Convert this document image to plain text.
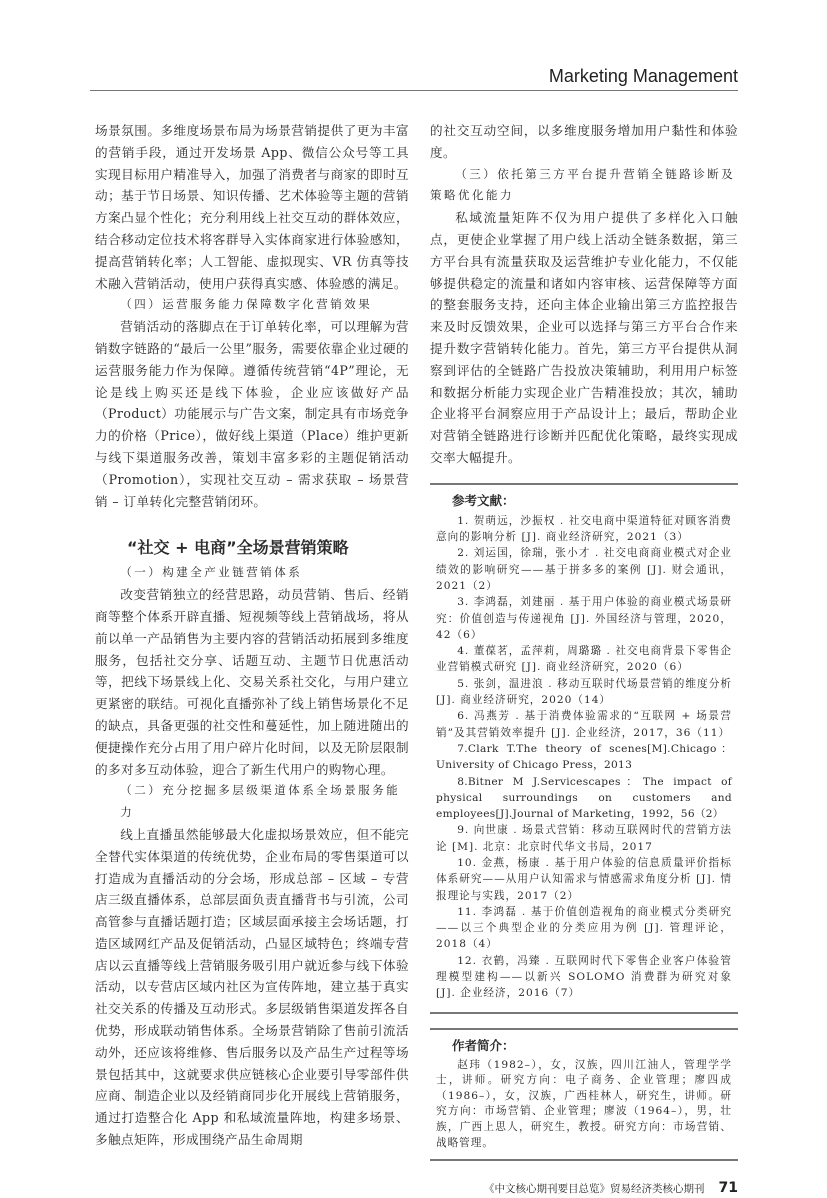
Marketing Management

场景氛围。多维度场景布局为场景营销提供了更为丰富的营销手段，通过开发场景 App、微信公众号等工具实现目标用户精准导入，加强了消费者与商家的即时互动；基于节日场景、知识传播、艺术体验等主题的营销方案凸显个性化；充分利用线上社交互动的群体效应，结合移动定位技术将客群导入实体商家进行体验感知，提高营销转化率；人工智能、虚拟现实、VR 仿真等技术融入营销活动，使用户获得真实感、体验感的满足。

（四）运营服务能力保障数字化营销效果

营销活动的落脚点在于订单转化率，可以理解为营销数字链路的“最后一公里”服务，需要依靠企业过硬的运营服务能力作为保障。遵循传统营销“4P”理论，无论是线上购买还是线下体验，企业应该做好产品（Product）功能展示与广告文案，制定具有市场竞争力的价格（Price），做好线上渠道（Place）维护更新与线下渠道服务改善，策划丰富多彩的主题促销活动（Promotion），实现社交互动 – 需求获取 – 场景营销 – 订单转化完整营销闭环。

“社交 + 电商”全场景营销策略
（一）构建全产业链营销体系

改变营销独立的经营思路，动员营销、售后、经销商等整个体系开辟直播、短视频等线上营销战场，将从前以单一产品销售为主要内容的营销活动拓展到多维度服务，包括社交分享、话题互动、主题节日优惠活动等，把线下场景线上化、交易关系社交化，与用户建立更紧密的联结。可视化直播弥补了线上销售场景化不足的缺点，具备更强的社交性和蔓延性，加上随进随出的便捷操作充分占用了用户碎片化时间，以及无阶层限制的多对多互动体验，迎合了新生代用户的购物心理。

（二）充分挖掘多层级渠道体系全场景服务能力

线上直播虽然能够最大化虚拟场景效应，但不能完全替代实体渠道的传统优势，企业布局的零售渠道可以打造成为直播活动的分会场，形成总部 – 区域 – 专营店三级直播体系，总部层面负责直播背书与引流，公司高管参与直播话题打造；区域层面承接主会场话题，打造区域网红产品及促销活动，凸显区域特色；终端专营店以云直播等线上营销服务吸引用户就近参与线下体验活动，以专营店区域内社区为宣传阵地，建立基于真实社交关系的传播及互动形式。多层级销售渠道发挥各自优势，形成联动销售体系。全场景营销除了售前引流活动外，还应该将维修、售后服务以及产品生产过程等场景包括其中，这就要求供应链核心企业要引导零部件供应商、制造企业以及经销商同步化开展线上营销服务，通过打造整合化 App 和私域流量阵地，构建多场景、多触点矩阵，形成围绕产品生命周期

的社交互动空间，以多维度服务增加用户黏性和体验度。

（三）依托第三方平台提升营销全链路诊断及策略优化能力

私域流量矩阵不仅为用户提供了多样化入口触点，更使企业掌握了用户线上活动全链条数据，第三方平台具有流量获取及运营维护专业化能力，不仅能够提供稳定的流量和诸如内容审核、运营保障等方面的整套服务支持，还向主体企业输出第三方监控报告来及时反馈效果，企业可以选择与第三方平台合作来提升数字营销转化能力。首先，第三方平台提供从洞察到评估的全链路广告投放决策辅助，利用用户标签和数据分析能力实现企业广告精准投放；其次，辅助企业将平台洞察应用于产品设计上；最后，帮助企业对营销全链路进行诊断并匹配优化策略，最终实现成交率大幅提升。

参考文献：

1. 贺萌远，沙振权 . 社交电商中渠道特征对顾客消费意向的影响分析 [J]. 商业经济研究，2021（3）

2. 刘运国，徐瑞，张小才 . 社交电商商业模式对企业绩效的影响研究——基于拼多多的案例 [J]. 财会通讯，2021（2）

3. 李鸿磊，刘建丽 . 基于用户体验的商业模式场景研究：价值创造与传递视角 [J]. 外国经济与管理，2020，42（6）

4. 董葆茗，孟萍莉，周璐璐 . 社交电商背景下零售企业营销模式研究 [J]. 商业经济研究，2020（6）

5. 张剑，温进浪 . 移动互联时代场景营销的维度分析 [J]. 商业经济研究，2020（14）

6. 冯燕芳 . 基于消费体验需求的“互联网 + 场景营销”及其营销效率提升 [J]. 企业经济，2017，36（11）

7.Clark T.The theory of scenes[M].Chicago：University of Chicago Press，2013

8.Bitner M J.Servicescapes：The impact of physical surroundings on customers and employees[J].Journal of Marketing，1992，56（2）

9. 向世康 . 场景式营销：移动互联网时代的营销方法论 [M]. 北京：北京时代华文书局，2017

10. 金燕，杨康 . 基于用户体验的信息质量评价指标体系研究——从用户认知需求与情感需求角度分析 [J]. 情报理论与实践，2017（2）

11. 李鸿磊 . 基于价值创造视角的商业模式分类研究——以三个典型企业的分类应用为例 [J]. 管理评论，2018（4）

12. 衣鹤，冯臻 . 互联网时代下零售企业客户体验管理模型建构——以新兴 SOLOMO 消费群为研究对象 [J]. 企业经济，2016（7）

作者简介：

赵玮（1982–），女，汉族，四川江油人，管理学学士，讲师。研究方向：电子商务、企业管理；廖四成（1986–），女，汉族，广西桂林人，研究生，讲师。研究方向：市场营销、企业管理；廖波（1964–），男，壮族，广西上思人，研究生，教授。研究方向：市场营销、战略管理。

《中文核心期刊要目总览》贸易经济类核心期刊 71
